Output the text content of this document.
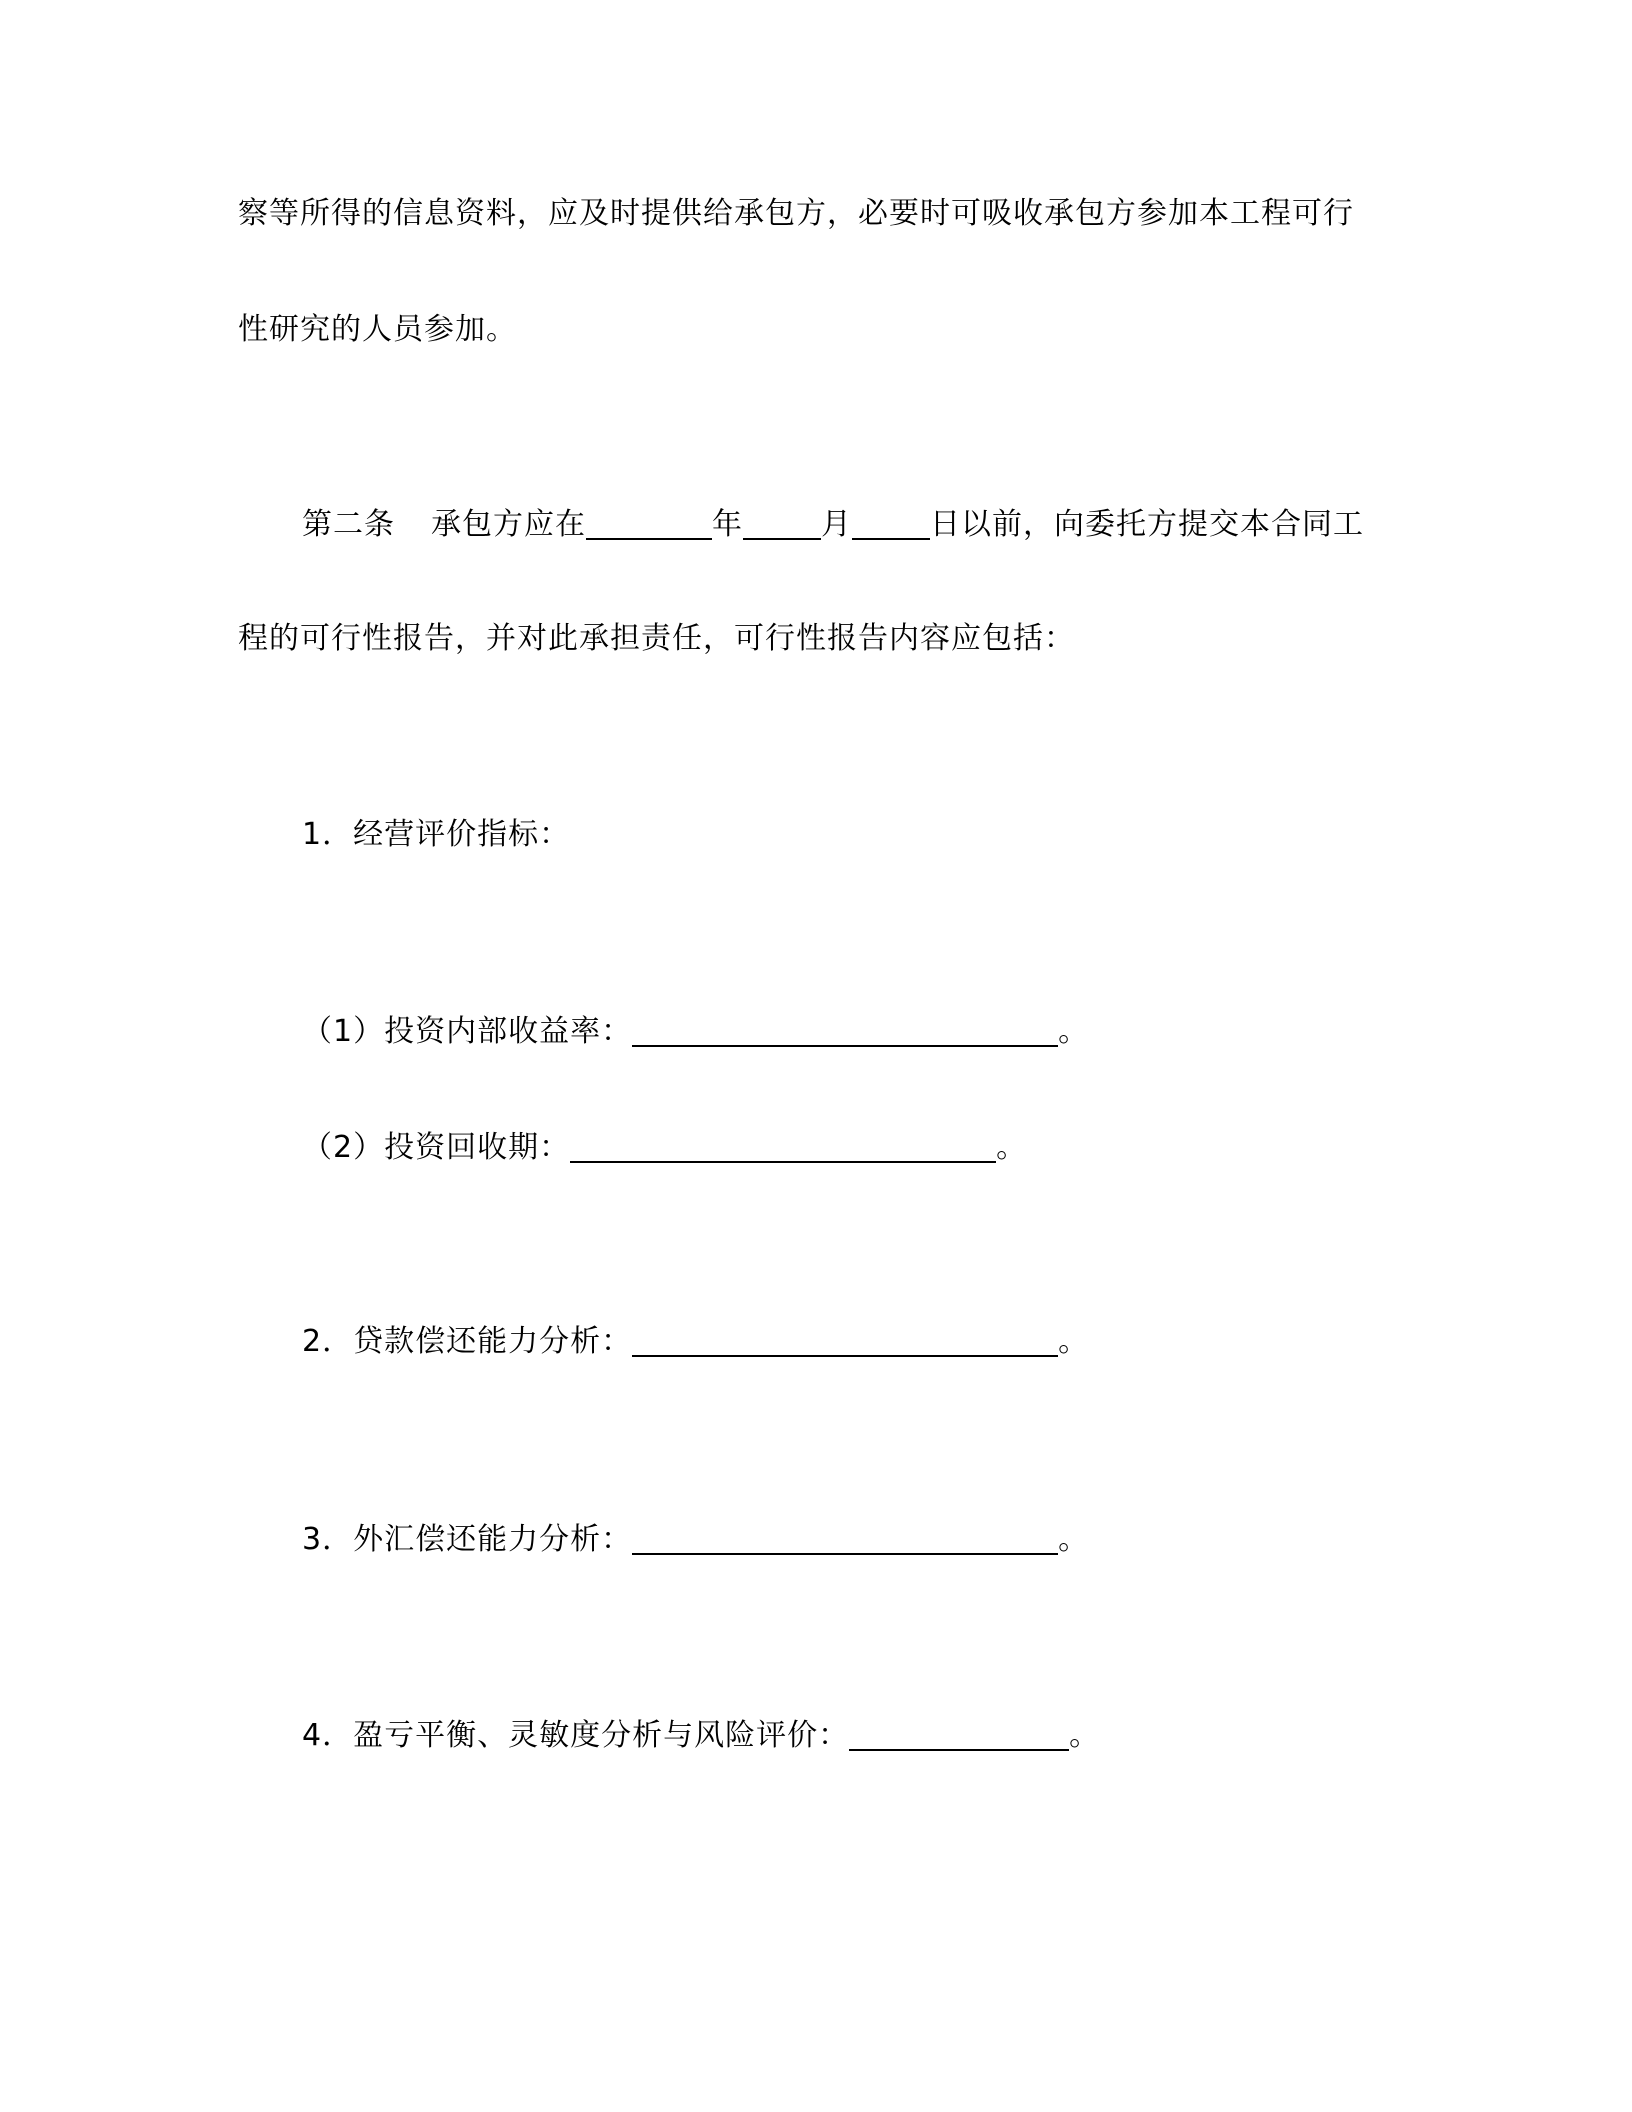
察等所得的信息资料，应及时提供给承包方，必要时可吸收承包方参加本工程可行
性研究的人员参加。
第二条 承包方应在	年	月	日以前，向委托方提交本合同工
程的可行性报告，并对此承担责任，可行性报告内容应包括：
1．经营评价指标：
（1）投资内部收益率：	。
（2）投资回收期：	。
2．贷款偿还能力分析：	。
3．外汇偿还能力分析：	。
4．盈亏平衡、灵敏度分析与风险评价：	。
